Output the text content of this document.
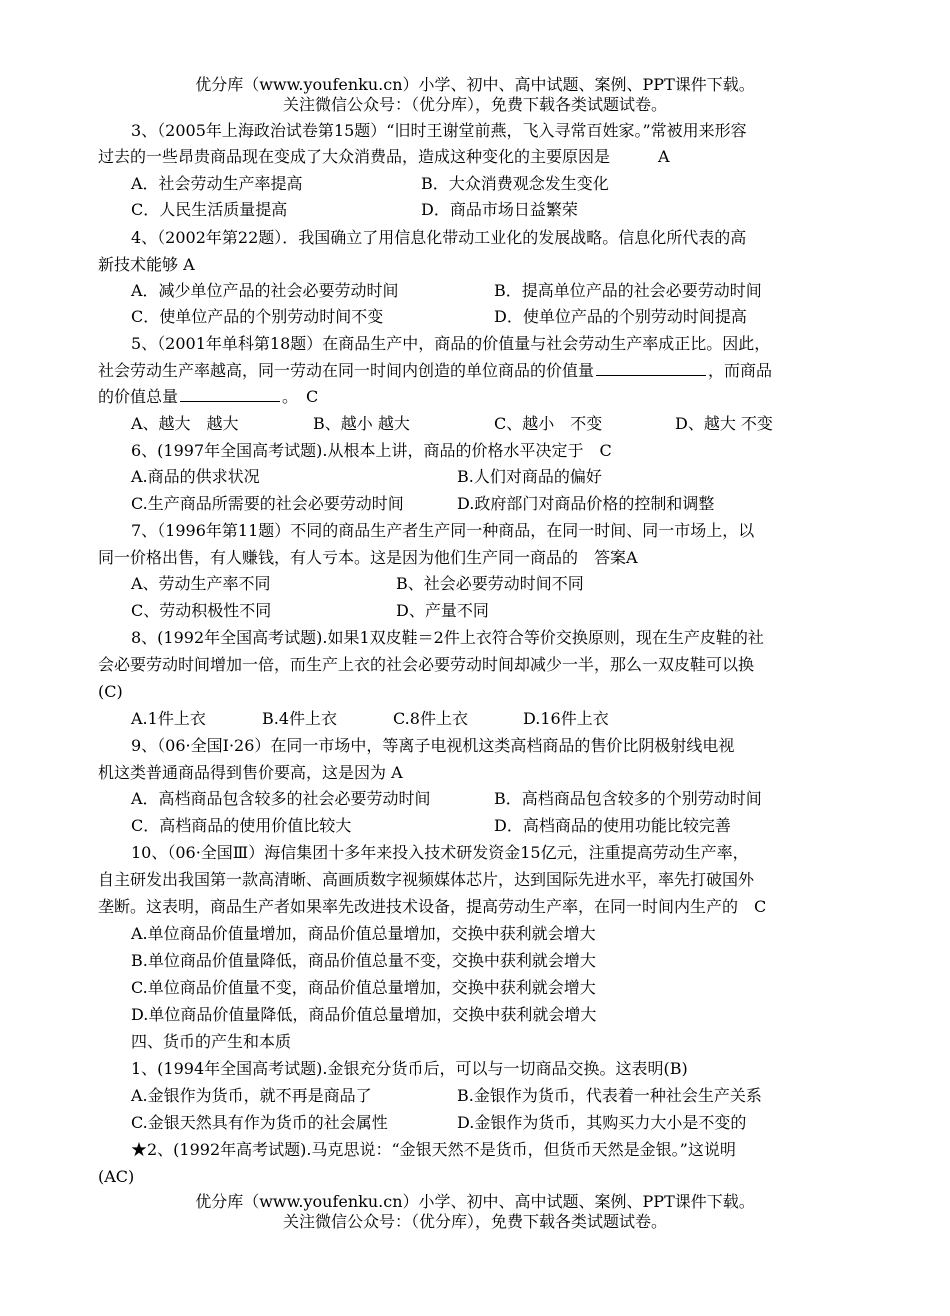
优分库（www.youfenku.cn）小学、初中、高中试题、案例、PPT课件下载。
关注微信公众号：（优分库），免费下载各类试题试卷。
3、（2005年上海政治试卷第15题）“旧时王谢堂前燕，飞入寻常百姓家。”常被用来形容
过去的一些昂贵商品现在变成了大众消费品，造成这种变化的主要原因是　　　A
A．社会劳动生产率提高	B．大众消费观念发生变化
C．人民生活质量提高	D．商品市场日益繁荣
4、（2002年第22题）．我国确立了用信息化带动工业化的发展战略。信息化所代表的高
新技术能够 A
A．减少单位产品的社会必要劳动时间	B．提高单位产品的社会必要劳动时间
C．使单位产品的个别劳动时间不变	D．使单位产品的个别劳动时间提高
5、（2001年单科第18题）在商品生产中，商品的价值量与社会劳动生产率成正比。因此，
社会劳动生产率越高，同一劳动在同一时间内创造的单位商品的价值量	，而商品
的价值总量	。　C
A、越大　越大	B、越小 越大	C、越小　不变	D、越大 不变
6、(1997年全国高考试题).从根本上讲，商品的价格水平决定于　C
A.商品的供求状况	B.人们对商品的偏好
C.生产商品所需要的社会必要劳动时间	D.政府部门对商品价格的控制和调整
7、（1996年第11题）不同的商品生产者生产同一种商品，在同一时间、同一市场上，以
同一价格出售，有人赚钱，有人亏本。这是因为他们生产同一商品的　答案A
A、劳动生产率不同	B、社会必要劳动时间不同
C、劳动积极性不同	D、产量不同
8、(1992年全国高考试题).如果1双皮鞋＝2件上衣符合等价交换原则，现在生产皮鞋的社
会必要劳动时间增加一倍，而生产上衣的社会必要劳动时间却减少一半，那么一双皮鞋可以换
(C)
A.1件上衣	B.4件上衣	C.8件上衣	D.16件上衣
9、（06·全国Ⅰ·26）在同一市场中，等离子电视机这类高档商品的售价比阴极射线电视
机这类普通商品得到售价要高，这是因为 A
A．高档商品包含较多的社会必要劳动时间	B．高档商品包含较多的个别劳动时间
C．高档商品的使用价值比较大	D．高档商品的使用功能比较完善
10、（06·全国Ⅲ）海信集团十多年来投入技术研发资金15亿元，注重提高劳动生产率，
自主研发出我国第一款高清晰、高画质数字视频媒体芯片，达到国际先进水平，率先打破国外
垄断。这表明，商品生产者如果率先改进技术设备，提高劳动生产率，在同一时间内生产的　C
A.单位商品价值量增加，商品价值总量增加，交换中获利就会增大
B.单位商品价值量降低，商品价值总量不变，交换中获利就会增大
C.单位商品价值量不变，商品价值总量增加，交换中获利就会增大
D.单位商品价值量降低，商品价值总量增加，交换中获利就会增大
四、货币的产生和本质
1、(1994年全国高考试题).金银充分货币后，可以与一切商品交换。这表明(B)
A.金银作为货币，就不再是商品了	B.金银作为货币，代表着一种社会生产关系
C.金银天然具有作为货币的社会属性	D.金银作为货币，其购买力大小是不变的
★2、(1992年高考试题).马克思说：“金银天然不是货币，但货币天然是金银。”这说明
(AC)
优分库（www.youfenku.cn）小学、初中、高中试题、案例、PPT课件下载。
关注微信公众号：（优分库），免费下载各类试题试卷。
